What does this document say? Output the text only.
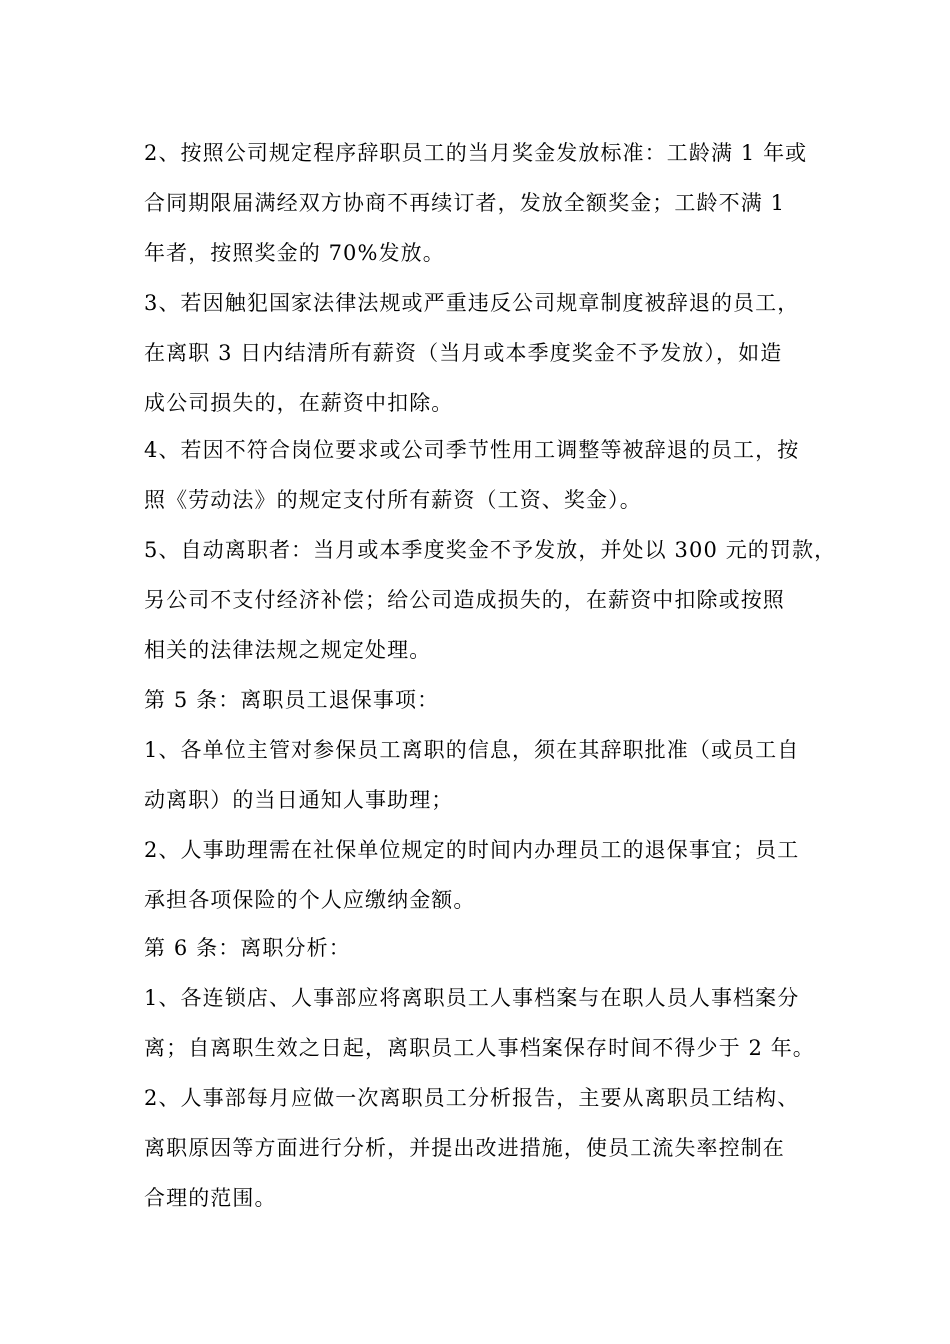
2、按照公司规定程序辞职员工的当月奖金发放标准：工龄满 1 年或
合同期限届满经双方协商不再续订者，发放全额奖金；工龄不满 1
年者，按照奖金的 70%发放。
3、若因触犯国家法律法规或严重违反公司规章制度被辞退的员工，
在离职 3 日内结清所有薪资（当月或本季度奖金不予发放），如造
成公司损失的，在薪资中扣除。
4、若因不符合岗位要求或公司季节性用工调整等被辞退的员工，按
照《劳动法》的规定支付所有薪资（工资、奖金）。
5、自动离职者：当月或本季度奖金不予发放，并处以 300 元的罚款，
另公司不支付经济补偿；给公司造成损失的，在薪资中扣除或按照
相关的法律法规之规定处理。
第 5 条：离职员工退保事项：
1、各单位主管对参保员工离职的信息，须在其辞职批准（或员工自
动离职）的当日通知人事助理；
2、人事助理需在社保单位规定的时间内办理员工的退保事宜；员工
承担各项保险的个人应缴纳金额。
第 6 条：离职分析：
1、各连锁店、人事部应将离职员工人事档案与在职人员人事档案分
离；自离职生效之日起，离职员工人事档案保存时间不得少于 2 年。
2、人事部每月应做一次离职员工分析报告，主要从离职员工结构、
离职原因等方面进行分析，并提出改进措施，使员工流失率控制在
合理的范围。
